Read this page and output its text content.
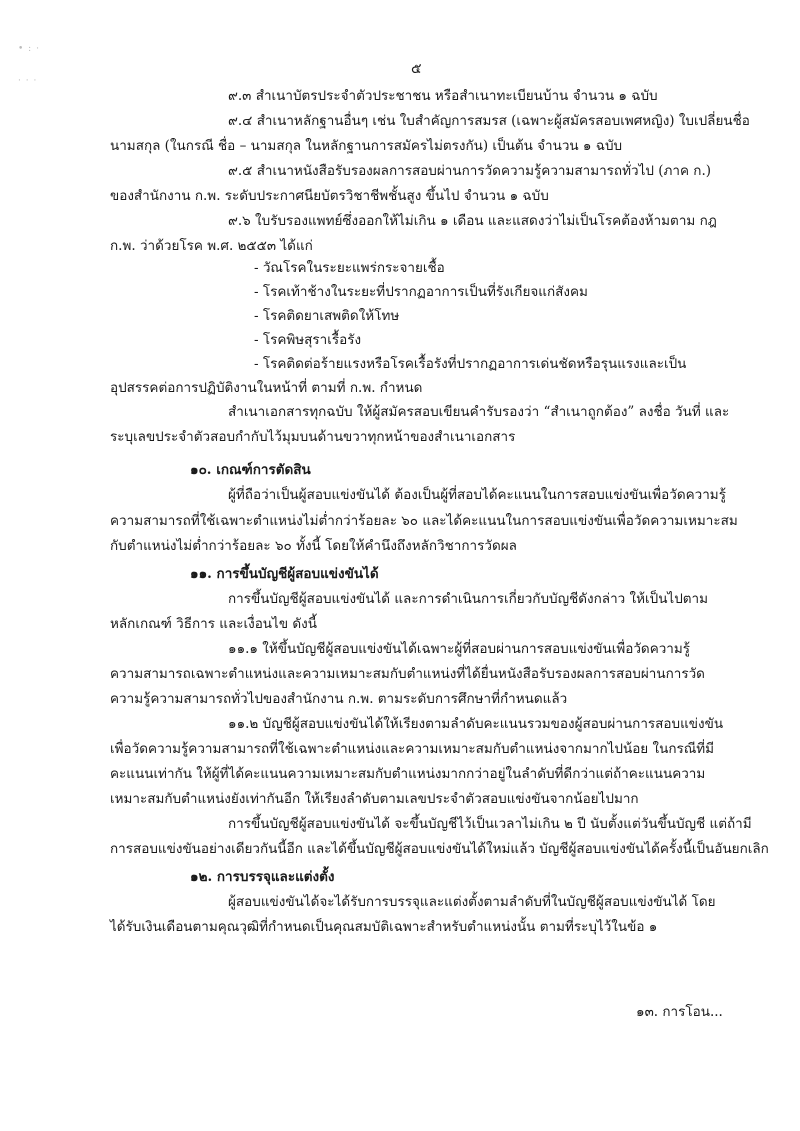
• : ·
· · ·
๕
๙.๓ สำเนาบัตรประจำตัวประชาชน หรือสำเนาทะเบียนบ้าน จำนวน ๑ ฉบับ
๙.๔ สำเนาหลักฐานอื่นๆ เช่น ใบสำคัญการสมรส (เฉพาะผู้สมัครสอบเพศหญิง) ใบเปลี่ยนชื่อ
นามสกุล (ในกรณี ชื่อ – นามสกุล ในหลักฐานการสมัครไม่ตรงกัน) เป็นต้น จำนวน ๑ ฉบับ
๙.๕ สำเนาหนังสือรับรองผลการสอบผ่านการวัดความรู้ความสามารถทั่วไป (ภาค ก.)
ของสำนักงาน ก.พ. ระดับประกาศนียบัตรวิชาชีพชั้นสูง ขึ้นไป จำนวน ๑ ฉบับ
๙.๖ ใบรับรองแพทย์ซึ่งออกให้ไม่เกิน ๑ เดือน และแสดงว่าไม่เป็นโรคต้องห้ามตาม กฎ
ก.พ. ว่าด้วยโรค พ.ศ. ๒๕๕๓ ได้แก่
- วัณโรคในระยะแพร่กระจายเชื้อ
- โรคเท้าช้างในระยะที่ปรากฏอาการเป็นที่รังเกียจแก่สังคม
- โรคติดยาเสพติดให้โทษ
- โรคพิษสุราเรื้อรัง
- โรคติดต่อร้ายแรงหรือโรคเรื้อรังที่ปรากฏอาการเด่นชัดหรือรุนแรงและเป็น
อุปสรรคต่อการปฏิบัติงานในหน้าที่ ตามที่ ก.พ. กำหนด
สำเนาเอกสารทุกฉบับ ให้ผู้สมัครสอบเขียนคำรับรองว่า “สำเนาถูกต้อง” ลงชื่อ วันที่ และ
ระบุเลขประจำตัวสอบกำกับไว้มุมบนด้านขวาทุกหน้าของสำเนาเอกสาร
๑๐. เกณฑ์การตัดสิน
ผู้ที่ถือว่าเป็นผู้สอบแข่งขันได้ ต้องเป็นผู้ที่สอบได้คะแนนในการสอบแข่งขันเพื่อวัดความรู้
ความสามารถที่ใช้เฉพาะตำแหน่งไม่ต่ำกว่าร้อยละ ๖๐ และได้คะแนนในการสอบแข่งขันเพื่อวัดความเหมาะสม
กับตำแหน่งไม่ต่ำกว่าร้อยละ ๖๐ ทั้งนี้ โดยให้คำนึงถึงหลักวิชาการวัดผล
๑๑. การขึ้นบัญชีผู้สอบแข่งขันได้
การขึ้นบัญชีผู้สอบแข่งขันได้ และการดำเนินการเกี่ยวกับบัญชีดังกล่าว ให้เป็นไปตาม
หลักเกณฑ์ วิธีการ และเงื่อนไข ดังนี้
๑๑.๑ ให้ขึ้นบัญชีผู้สอบแข่งขันได้เฉพาะผู้ที่สอบผ่านการสอบแข่งขันเพื่อวัดความรู้
ความสามารถเฉพาะตำแหน่งและความเหมาะสมกับตำแหน่งที่ได้ยื่นหนังสือรับรองผลการสอบผ่านการวัด
ความรู้ความสามารถทั่วไปของสำนักงาน ก.พ. ตามระดับการศึกษาที่กำหนดแล้ว
๑๑.๒ บัญชีผู้สอบแข่งขันได้ให้เรียงตามลำดับคะแนนรวมของผู้สอบผ่านการสอบแข่งขัน
เพื่อวัดความรู้ความสามารถที่ใช้เฉพาะตำแหน่งและความเหมาะสมกับตำแหน่งจากมากไปน้อย ในกรณีที่มี
คะแนนเท่ากัน ให้ผู้ที่ได้คะแนนความเหมาะสมกับตำแหน่งมากกว่าอยู่ในลำดับที่ดีกว่าแต่ถ้าคะแนนความ
เหมาะสมกับตำแหน่งยังเท่ากันอีก ให้เรียงลำดับตามเลขประจำตัวสอบแข่งขันจากน้อยไปมาก
การขึ้นบัญชีผู้สอบแข่งขันได้ จะขึ้นบัญชีไว้เป็นเวลาไม่เกิน ๒ ปี นับตั้งแต่วันขึ้นบัญชี แต่ถ้ามี
การสอบแข่งขันอย่างเดียวกันนี้อีก และได้ขึ้นบัญชีผู้สอบแข่งขันได้ใหม่แล้ว บัญชีผู้สอบแข่งขันได้ครั้งนี้เป็นอันยกเลิก
๑๒. การบรรจุและแต่งตั้ง
ผู้สอบแข่งขันได้จะได้รับการบรรจุและแต่งตั้งตามลำดับที่ในบัญชีผู้สอบแข่งขันได้ โดย
ได้รับเงินเดือนตามคุณวุฒิที่กำหนดเป็นคุณสมบัติเฉพาะสำหรับตำแหน่งนั้น ตามที่ระบุไว้ในข้อ ๑
๑๓. การโอน...
